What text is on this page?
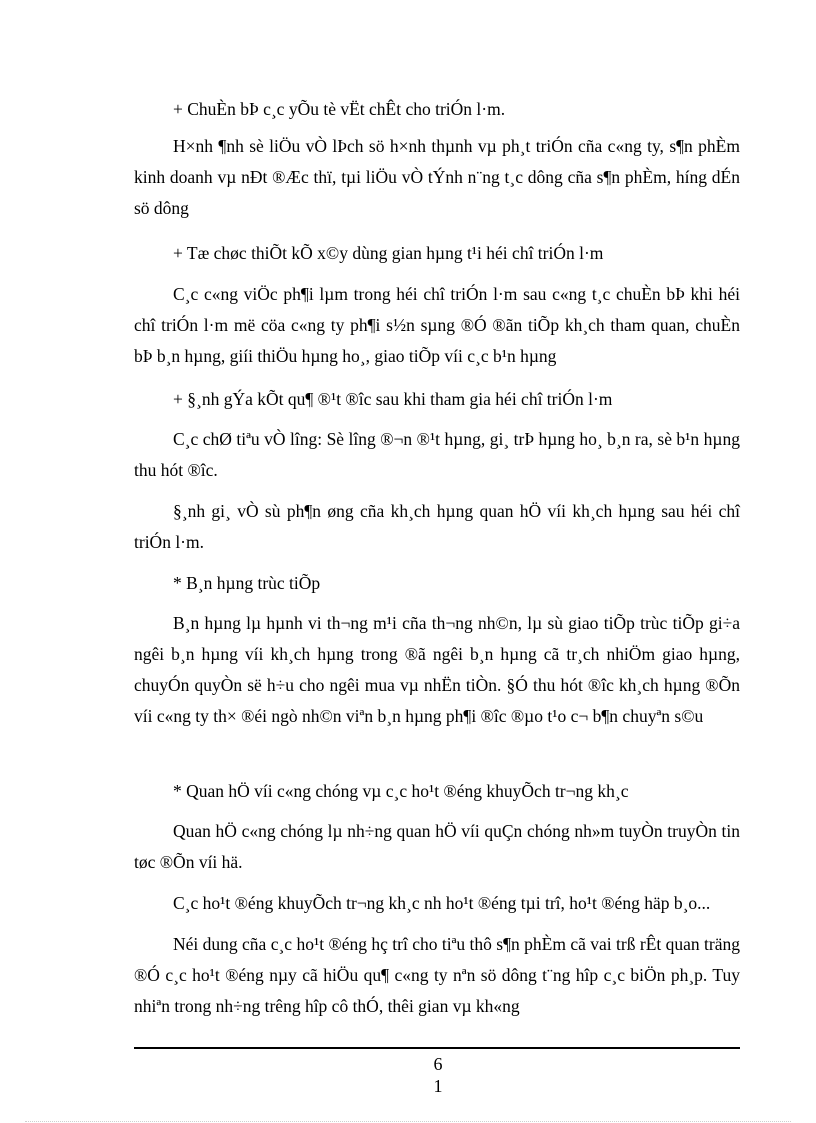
+ ChuÈn bÞ c¸c yÕu tè vËt chÊt cho triÓn l·m.

H×nh ¶nh sè liÖu vÒ lÞch sö h×nh thµnh vµ ph¸t triÓn cña c«ng ty, s¶n phÈm kinh doanh vµ nÐt ®Æc thï, tµi liÖu vÒ tÝnh n¨ng t¸c dông cña s¶n phÈm, híng dÉn sö dông

+ Tæ chøc thiÕt kÕ x©y dùng gian hµng t¹i héi chî triÓn l·m

C¸c c«ng viÖc ph¶i lµm trong héi chî triÓn l·m sau c«ng t¸c chuÈn bÞ khi héi chî triÓn l·m më cöa c«ng ty ph¶i s½n sµng ®Ó ®ãn tiÕp kh¸ch tham quan, chuÈn bÞ b¸n hµng, giíi thiÖu hµng ho¸, giao tiÕp víi c¸c b¹n hµng

+ §¸nh gÝa kÕt qu¶ ®¹t ®îc sau khi tham gia héi chî triÓn l·m

C¸c chØ tiªu vÒ lîng: Sè lîng ®¬n ®¹t hµng, gi¸ trÞ hµng ho¸ b¸n ra, sè b¹n hµng thu hót ®îc.

§¸nh gi¸ vÒ sù ph¶n øng cña kh¸ch hµng quan hÖ víi kh¸ch hµng sau héi chî triÓn l·m.

* B¸n hµng trùc tiÕp

B¸n hµng lµ hµnh vi th¬ng m¹i cña th¬ng nh©n, lµ sù giao tiÕp trùc tiÕp gi÷a ngêi b¸n hµng víi kh¸ch hµng trong ®ã ngêi b¸n hµng cã tr¸ch nhiÖm giao hµng, chuyÓn quyÒn së h÷u cho ngêi mua vµ nhËn tiÒn. §Ó thu hót ®îc kh¸ch hµng ®Õn víi c«ng ty th× ®éi ngò nh©n viªn b¸n hµng ph¶i ®îc ®µo t¹o c¬ b¶n chuyªn s©u

* Quan hÖ víi c«ng chóng vµ c¸c ho¹t ®éng khuyÕch tr¬ng kh¸c

Quan hÖ c«ng chóng lµ nh÷ng quan hÖ víi quÇn chóng nh»m tuyÒn truyÒn tin tøc ®Õn víi hä.

C¸c ho¹t ®éng khuyÕch tr¬ng kh¸c nh ho¹t ®éng tµi trî, ho¹t ®éng häp b¸o...

Néi dung cña c¸c ho¹t ®éng hç trî cho tiªu thô s¶n phÈm cã vai trß rÊt quan träng ®Ó c¸c ho¹t ®éng nµy cã hiÖu qu¶ c«ng ty nªn sö dông t¨ng hîp c¸c biÖn ph¸p. Tuy nhiªn trong nh÷ng trêng hîp cô thÓ, thêi gian vµ kh«ng

6
1
